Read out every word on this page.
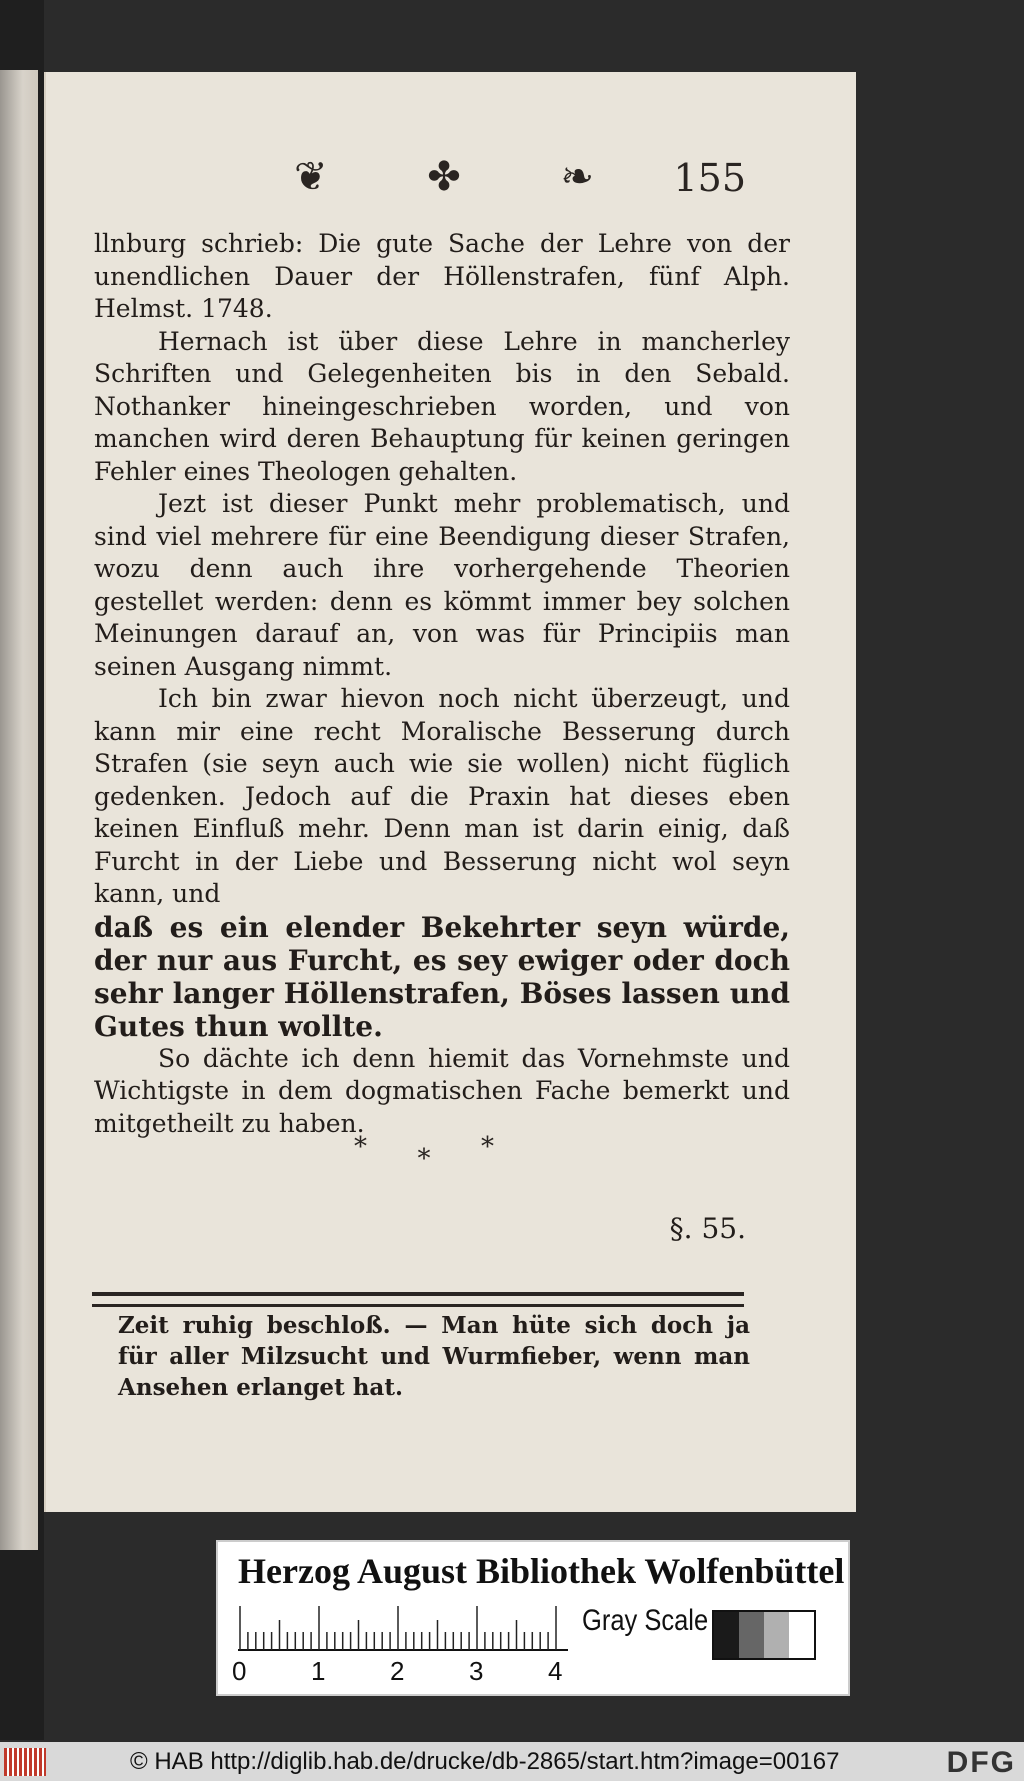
❦ ✤ ❧ 155

llnburg schrieb: Die gute Sache der Lehre von der unendlichen Dauer der Höllenstrafen, fünf Alph. Helmst. 1748.

Hernach ist über diese Lehre in mancherley Schriften und Gelegenheiten bis in den Sebald. Nothanker hineingeschrieben worden, und von manchen wird deren Behauptung für keinen geringen Fehler eines Theologen gehalten.

Jezt ist dieser Punkt mehr problematisch, und sind viel mehrere für eine Beendigung dieser Strafen, wozu denn auch ihre vorhergehende Theorien gestellet werden: denn es kömmt immer bey solchen Meinungen darauf an, von was für Principiis man seinen Ausgang nimmt.

Ich bin zwar hievon noch nicht überzeugt, und kann mir eine recht Moralische Besserung durch Strafen (sie seyn auch wie sie wollen) nicht füglich gedenken. Jedoch auf die Praxin hat dieses eben keinen Einfluß mehr. Denn man ist darin einig, daß Furcht in der Liebe und Besserung nicht wol seyn kann, und

daß es ein elender Bekehrter seyn würde, der nur aus Furcht, es sey ewiger oder doch sehr langer Höllenstrafen, Böses lassen und Gutes thun wollte.

So dächte ich denn hiemit das Vornehmste und Wichtigste in dem dogmatischen Fache bemerkt und mitgetheilt zu haben.

* * *
§. 55.

Zeit ruhig beschloß. — Man hüte sich doch ja für aller Milzsucht und Wurmfieber, wenn man Ansehen erlanget hat.

Herzog August Bibliothek Wolfenbüttel
0 1 2 3 4
Gray Scale
© HAB http://diglib.hab.de/drucke/db-2865/start.htm?image=00167	DFG
